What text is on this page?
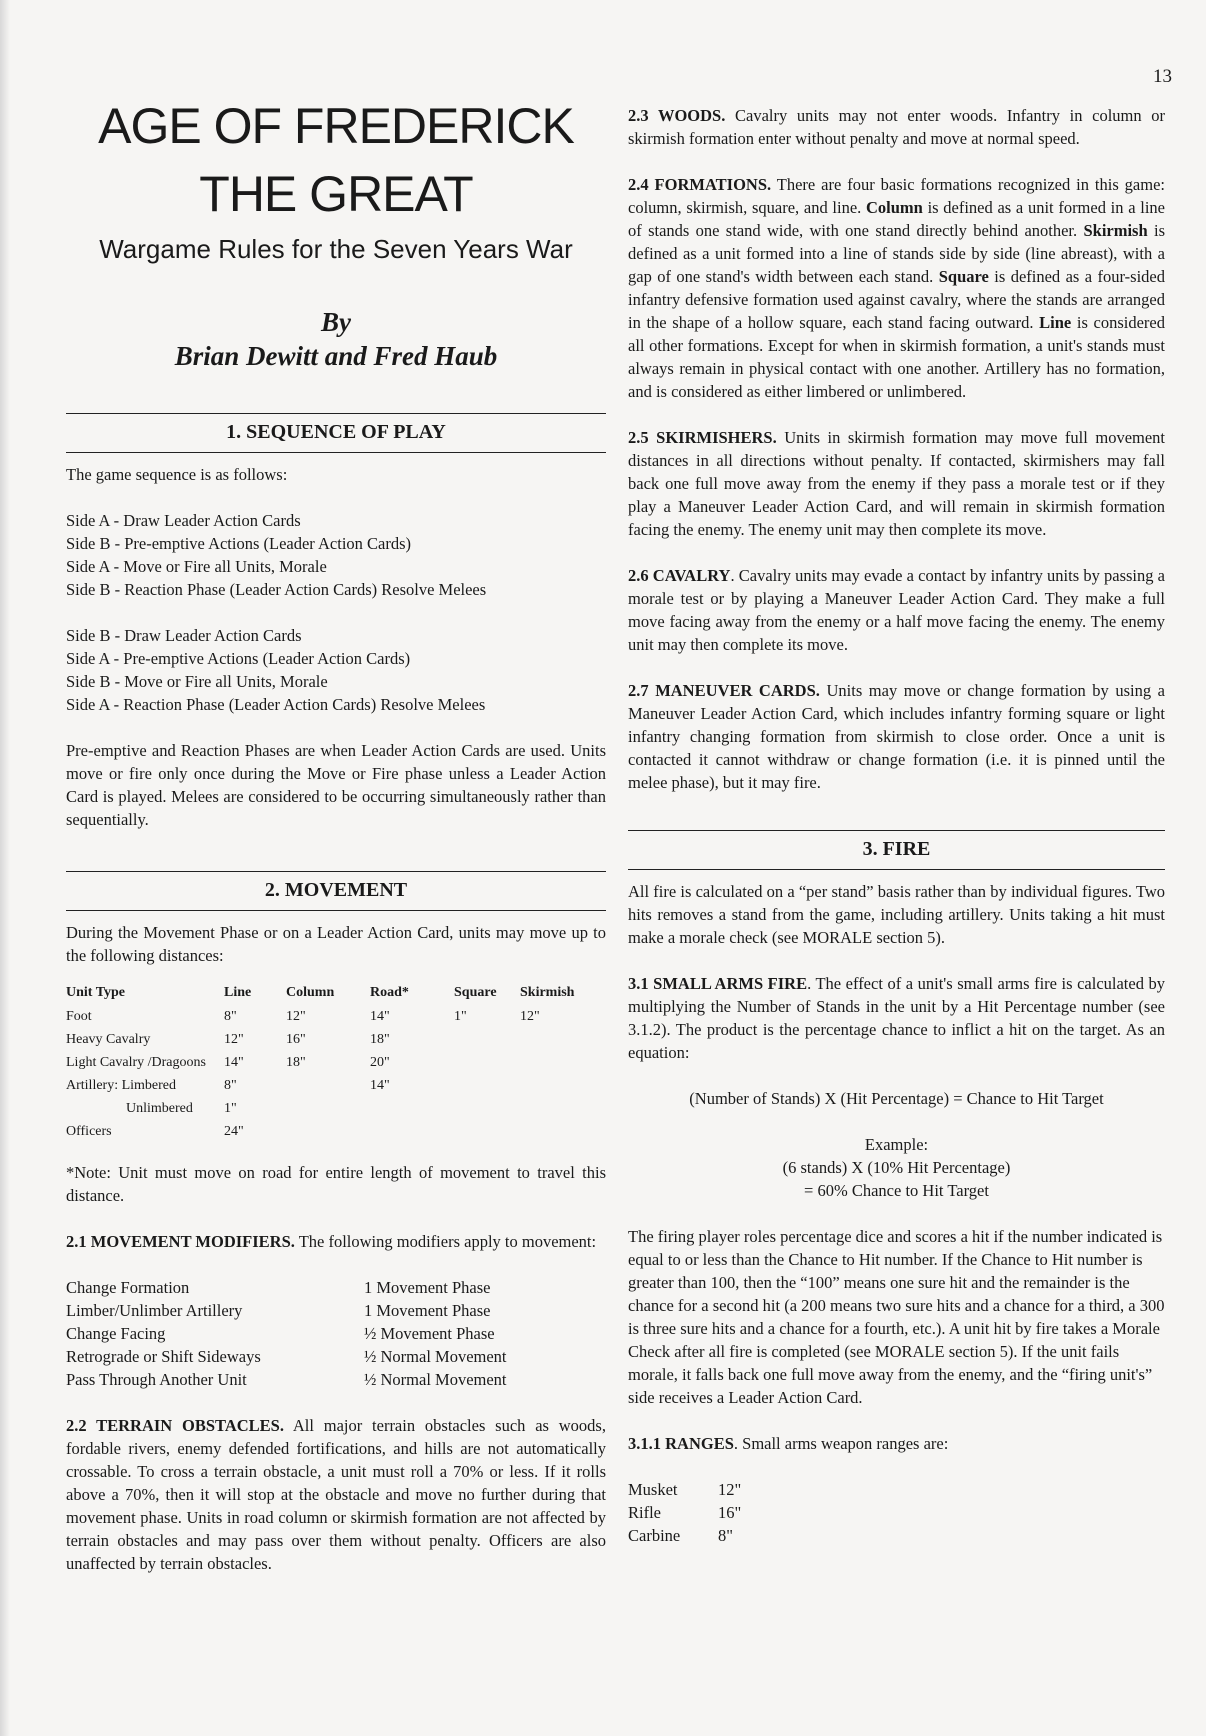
13
AGE OF FREDERICK
THE GREAT
Wargame Rules for the Seven Years War
By
Brian Dewitt and Fred Haub
1. SEQUENCE OF PLAY

The game sequence is as follows:

Side A - Draw Leader Action Cards
Side B - Pre-emptive Actions (Leader Action Cards)
Side A - Move or Fire all Units, Morale
Side B - Reaction Phase (Leader Action Cards) Resolve Melees
Side B - Draw Leader Action Cards
Side A - Pre-emptive Actions (Leader Action Cards)
Side B - Move or Fire all Units, Morale
Side A - Reaction Phase (Leader Action Cards) Resolve Melees

Pre-emptive and Reaction Phases are when Leader Action Cards are used. Units move or fire only once during the Move or Fire phase unless a Leader Action Card is played. Melees are considered to be occurring simultaneously rather than sequentially.

2. MOVEMENT

During the Movement Phase or on a Leader Action Card, units may move up to the following distances:

Unit Type	Line	Column	Road*	Square	Skirmish
Foot	8"	12"	14"	1"	12"
Heavy Cavalry	12"	16"	18"		
Light Cavalry /Dragoons	14"	18"	20"		
Artillery: Limbered	8"		14"		
Unlimbered	1"				
Officers	24"				

*Note: Unit must move on road for entire length of movement to travel this distance.

2.1 MOVEMENT MODIFIERS. The following modifiers apply to movement:

Change Formation	1 Movement Phase
Limber/Unlimber Artillery	1 Movement Phase
Change Facing	½ Movement Phase
Retrograde or Shift Sideways	½ Normal Movement
Pass Through Another Unit	½ Normal Movement

2.2 TERRAIN OBSTACLES. All major terrain obstacles such as woods, fordable rivers, enemy defended fortifications, and hills are not automatically crossable. To cross a terrain obstacle, a unit must roll a 70% or less. If it rolls above a 70%, then it will stop at the obstacle and move no further during that movement phase. Units in road column or skirmish formation are not affected by terrain obstacles and may pass over them without penalty. Officers are also unaffected by terrain obstacles.

2.3 WOODS. Cavalry units may not enter woods. Infantry in column or skirmish formation enter without penalty and move at normal speed.

2.4 FORMATIONS. There are four basic formations recognized in this game: column, skirmish, square, and line. Column is defined as a unit formed in a line of stands one stand wide, with one stand directly behind another. Skirmish is defined as a unit formed into a line of stands side by side (line abreast), with a gap of one stand's width between each stand. Square is defined as a four-sided infantry defensive formation used against cavalry, where the stands are arranged in the shape of a hollow square, each stand facing outward. Line is considered all other formations. Except for when in skirmish formation, a unit's stands must always remain in physical contact with one another. Artillery has no formation, and is considered as either limbered or unlimbered.

2.5 SKIRMISHERS. Units in skirmish formation may move full movement distances in all directions without penalty. If contacted, skirmishers may fall back one full move away from the enemy if they pass a morale test or if they play a Maneuver Leader Action Card, and will remain in skirmish formation facing the enemy. The enemy unit may then complete its move.

2.6 CAVALRY. Cavalry units may evade a contact by infantry units by passing a morale test or by playing a Maneuver Leader Action Card. They make a full move facing away from the enemy or a half move facing the enemy. The enemy unit may then complete its move.

2.7 MANEUVER CARDS. Units may move or change formation by using a Maneuver Leader Action Card, which includes infantry forming square or light infantry changing formation from skirmish to close order. Once a unit is contacted it cannot withdraw or change formation (i.e. it is pinned until the melee phase), but it may fire.

3. FIRE

All fire is calculated on a “per stand” basis rather than by individual figures. Two hits removes a stand from the game, including artillery. Units taking a hit must make a morale check (see MORALE section 5).

3.1 SMALL ARMS FIRE. The effect of a unit's small arms fire is calculated by multiplying the Number of Stands in the unit by a Hit Percentage number (see 3.1.2). The product is the percentage chance to inflict a hit on the target. As an equation:

(Number of Stands) X (Hit Percentage) = Chance to Hit Target

Example:

(6 stands) X (10% Hit Percentage)

= 60% Chance to Hit Target

The firing player roles percentage dice and scores a hit if the number indicated is equal to or less than the Chance to Hit number. If the Chance to Hit number is greater than 100, then the “100” means one sure hit and the remainder is the chance for a second hit (a 200 means two sure hits and a chance for a third, a 300 is three sure hits and a chance for a fourth, etc.). A unit hit by fire takes a Morale Check after all fire is completed (see MORALE section 5). If the unit fails morale, it falls back one full move away from the enemy, and the “firing unit's” side receives a Leader Action Card.

3.1.1 RANGES. Small arms weapon ranges are:

Musket	12"
Rifle	16"
Carbine	8"
